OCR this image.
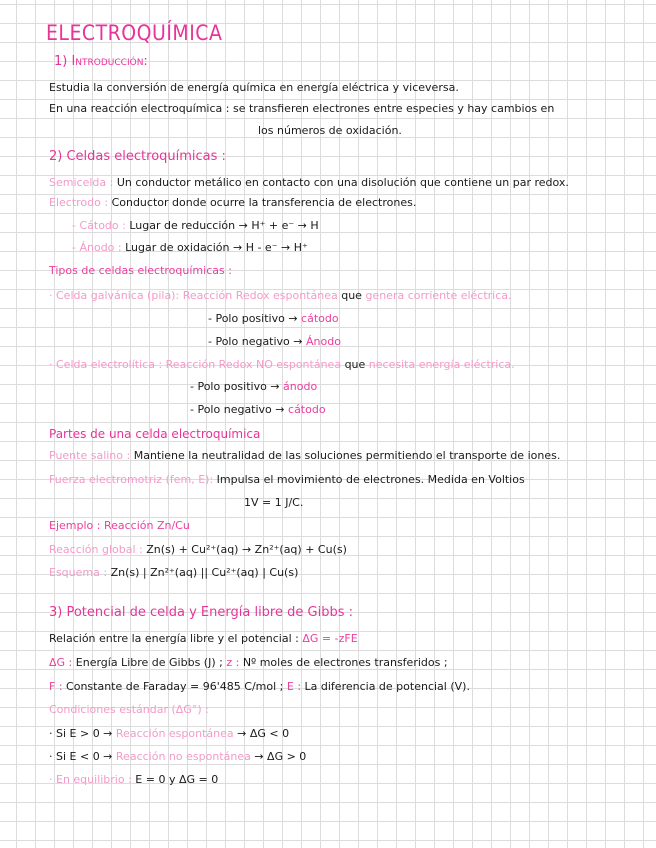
ELECTROQUÍMICA
1) Introducción:
Estudia la conversión de energía química en energía eléctrica y viceversa.
En una reacción electroquímica : se transfieren electrones entre especies y hay cambios en
los números de oxidación.
2) Celdas electroquímicas :
Semicelda : Un conductor metálico en contacto con una disolución que contiene un par redox.
Electrodo : Conductor donde ocurre la transferencia de electrones.
- Cátodo : Lugar de reducción → H⁺ + e⁻ → H
- Ánodo : Lugar de oxidación → H - e⁻ → H⁺
Tipos de celdas electroquímicas :
· Celda galvánica (pila): Reacción Redox espontánea que genera corriente eléctrica.
- Polo positivo → cátodo
- Polo negativo → Ánodo
· Celda electrolítica : Reacción Redox NO espontánea que necesita energía eléctrica.
- Polo positivo → ánodo
- Polo negativo → cátodo
Partes de una celda electroquímica
Puente salino : Mantiene la neutralidad de las soluciones permitiendo el transporte de iones.
Fuerza electromotriz (fem, E): Impulsa el movimiento de electrones. Medida en Voltios
1V = 1 J/C.
Ejemplo : Reacción Zn/Cu
Reacción global : Zn(s) + Cu²⁺(aq) → Zn²⁺(aq) + Cu(s)
Esquema : Zn(s) | Zn²⁺(aq) || Cu²⁺(aq) | Cu(s)
3) Potencial de celda y Energía libre de Gibbs :
Relación entre la energía libre y el potencial : ΔG = -zFE
ΔG : Energía Libre de Gibbs (J) ; z : Nº moles de electrones transferidos ;
F : Constante de Faraday = 96'485 C/mol ; E : La diferencia de potencial (V).
Condiciones estándar (ΔG°) :
· Si E > 0 → Reacción espontánea → ΔG < 0
· Si E < 0 → Reacción no espontánea → ΔG > 0
· En equilibrio : E = 0 y ΔG = 0
